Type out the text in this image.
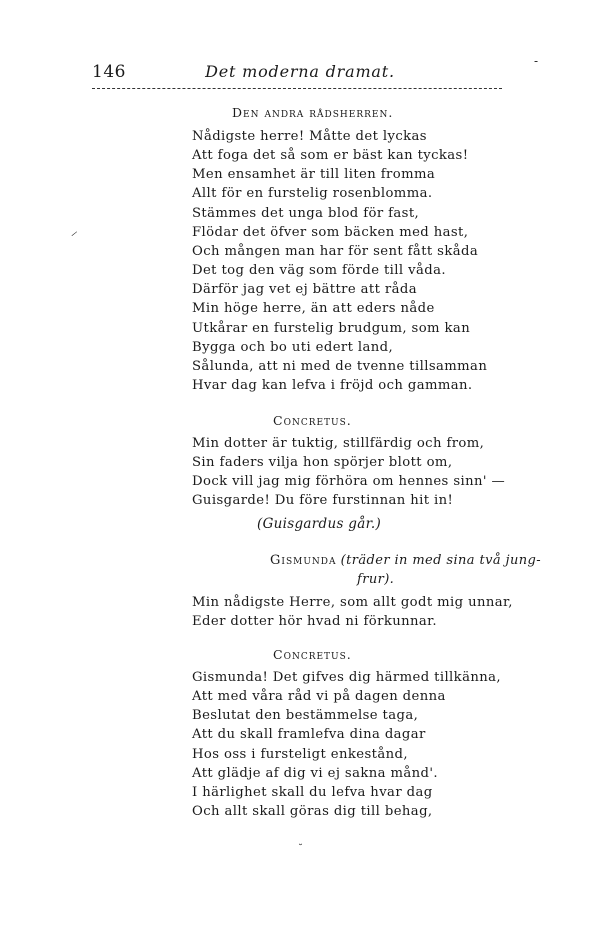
146	Det moderna dramat.
-
⸝
Den andra rådsherren.
Nådigste herre! Måtte det lyckas
Att foga det så som er bäst kan tyckas!
Men ensamhet är till liten fromma
Allt för en furstelig rosenblomma.
Stämmes det unga blod för fast,
Flödar det öfver som bäcken med hast,
Och mången man har för sent fått skåda
Det tog den väg som förde till våda.
Därför jag vet ej bättre att råda
Min höge herre, än att eders nåde
Utkårar en furstelig brudgum, som kan
Bygga och bo uti edert land,
Sålunda, att ni med de tvenne tillsamman
Hvar dag kan lefva i fröjd och gamman.
Concretus.
Min dotter är tuktig, stillfärdig och from,
Sin faders vilja hon spörjer blott om,
Dock vill jag mig förhöra om hennes sinn' —
Guisgarde! Du före furstinnan hit in!
(Guisgardus går.)
Gismunda (träder in med sina två jung-
frur).
Min nådigste Herre, som allt godt mig unnar,
Eder dotter hör hvad ni förkunnar.
Concretus.
Gismunda! Det gifves dig härmed tillkänna,
Att med våra råd vi på dagen denna
Beslutat den bestämmelse taga,
Att du skall framlefva dina dagar
Hos oss i fursteligt enkestånd,
Att glädje af dig vi ej sakna månd'.
I härlighet skall du lefva hvar dag
Och allt skall göras dig till behag,
˘
